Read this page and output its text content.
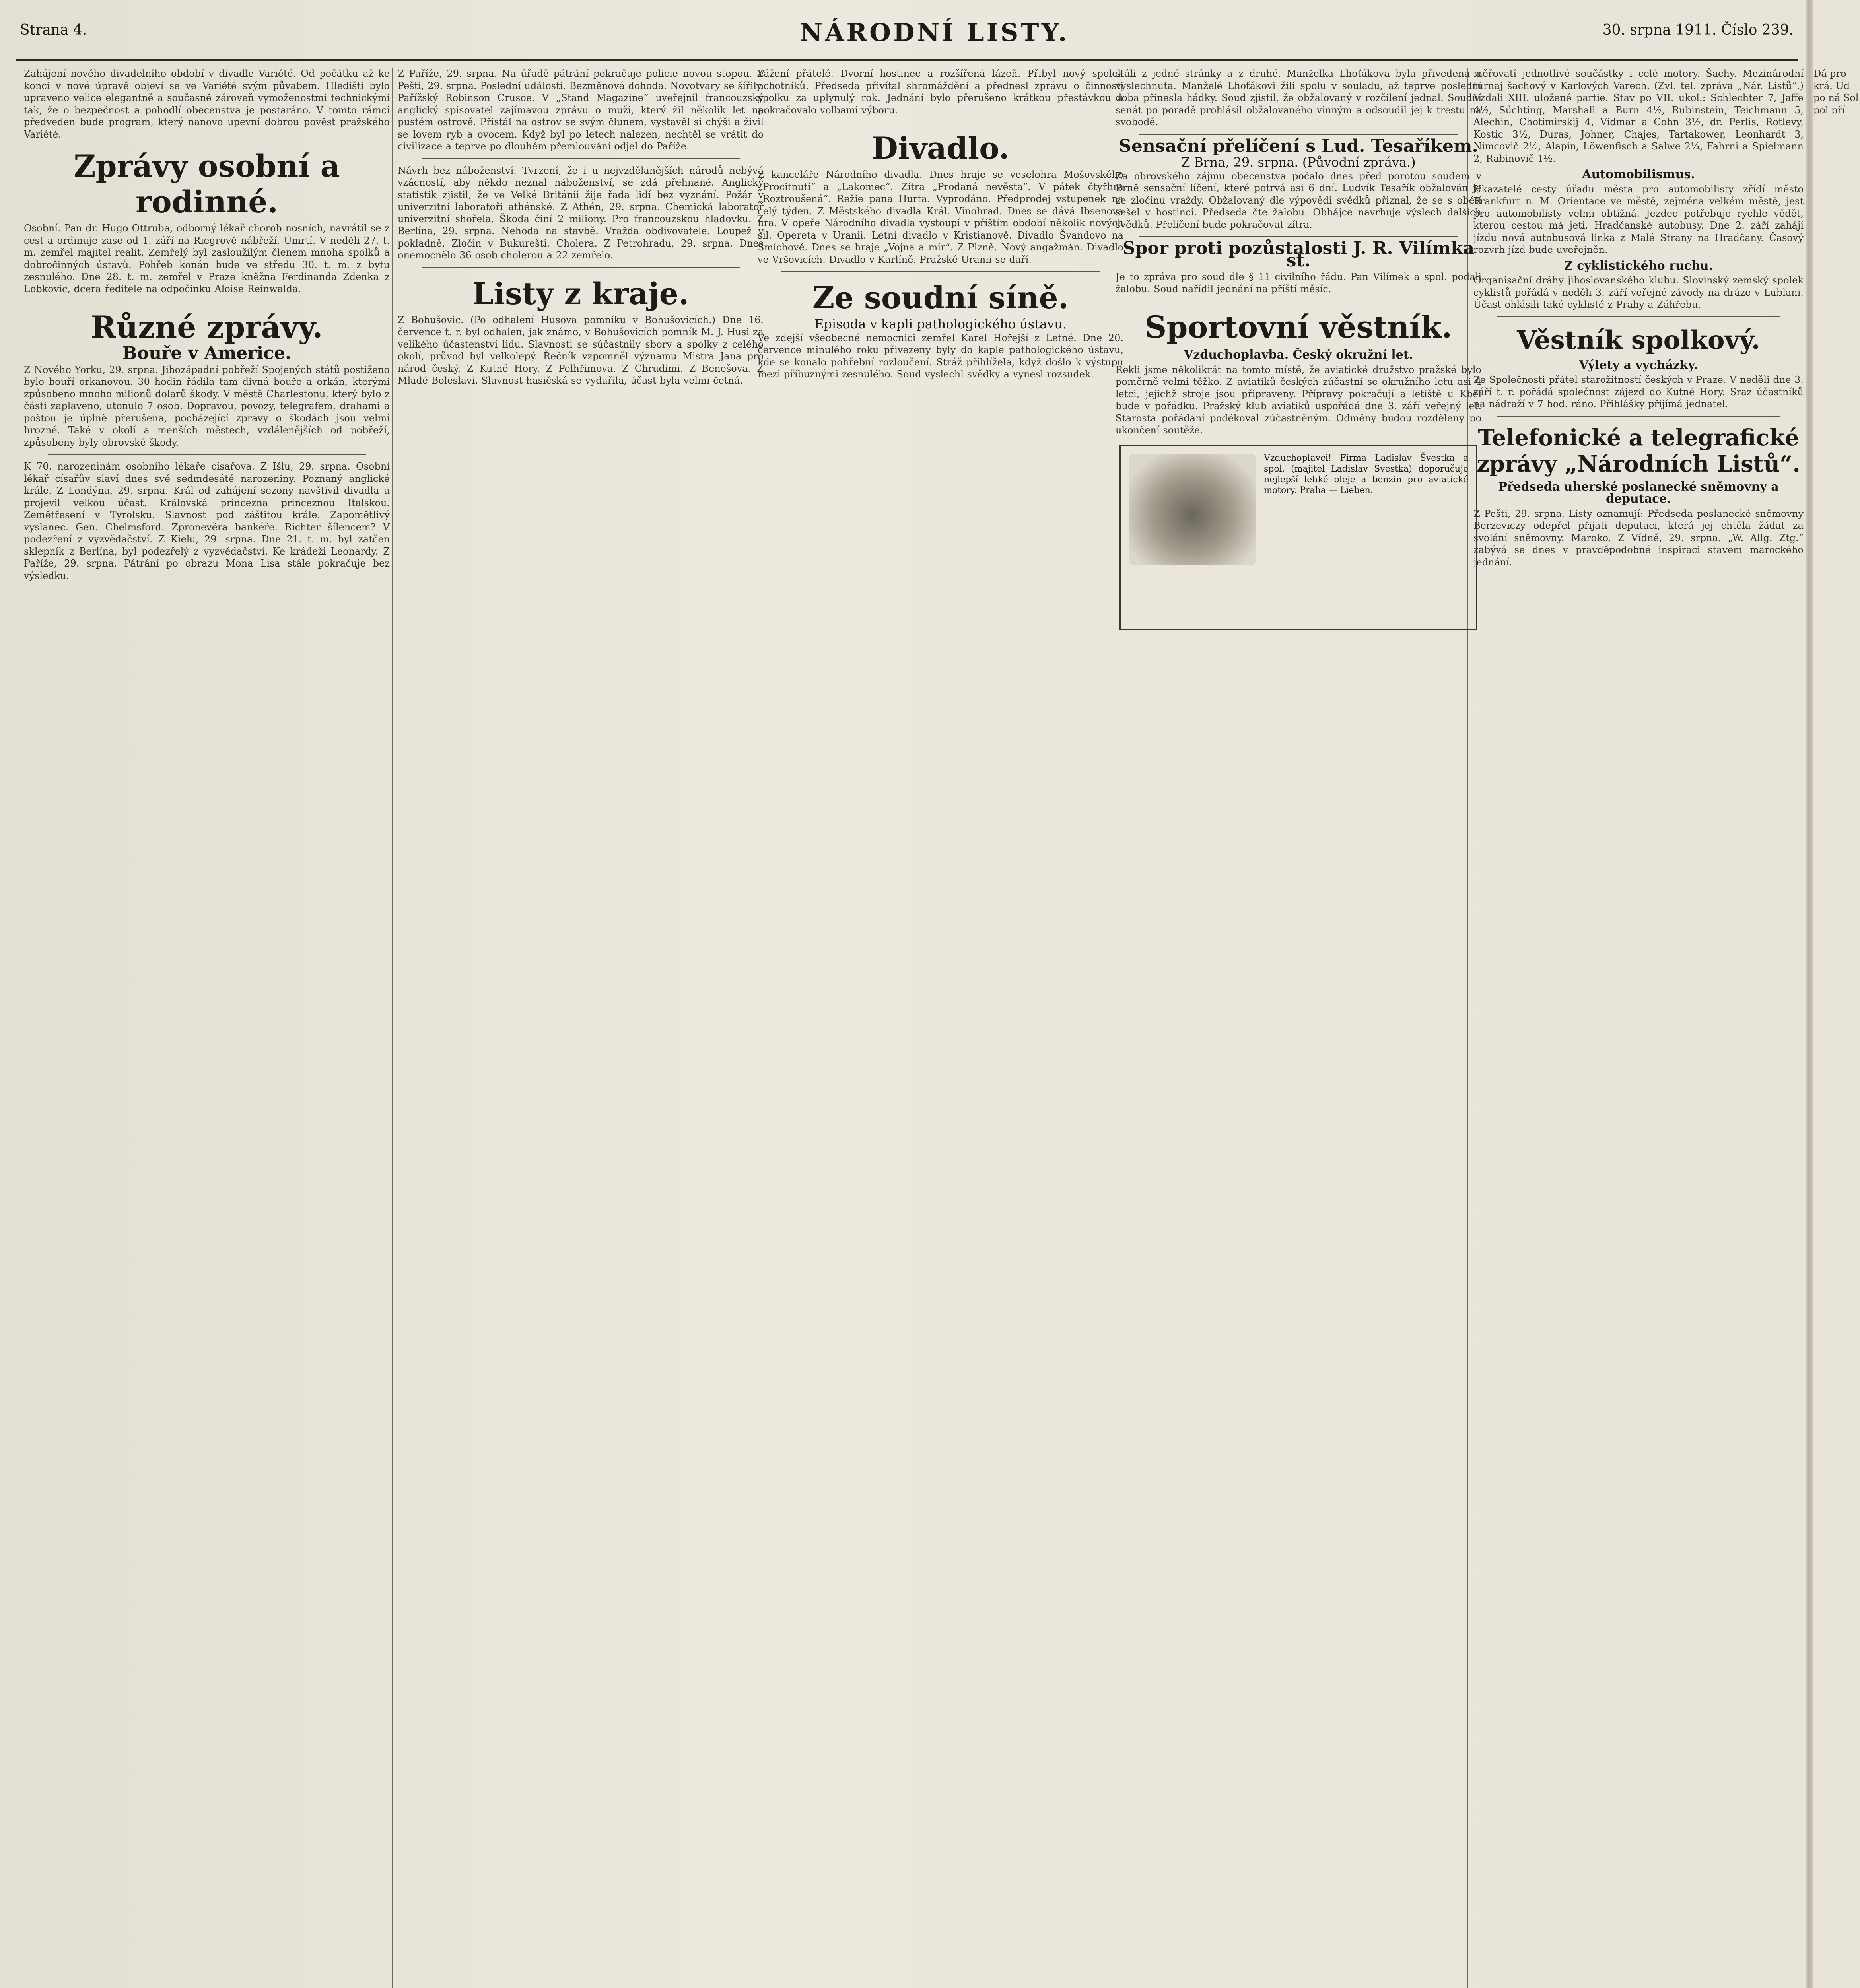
Strana 4.	NÁRODNÍ LISTY.	30. srpna 1911. Číslo 239.
Zahájení nového divadelního období v divadle Variété. Od počátku až ke konci v nové úpravě objeví se ve Variété svým půvabem. Hledišti bylo upraveno velice elegantně a současně zároveň vymoženostmi technickými tak, že o bezpečnost a pohodlí obecenstva je postaráno. V tomto rámci předveden bude program, který nanovo upevní dobrou pověst pražského Variété.
Zprávy osobní a rodinné.
Osobní. Pan dr. Hugo Ottruba, odborný lékař chorob nosních, navrátil se z cest a ordinuje zase od 1. září na Riegrově nábřeží. Úmrtí. V neděli 27. t. m. zemřel majitel realit. Zemřelý byl zasloužilým členem mnoha spolků a dobročinných ústavů. Pohřeb konán bude ve středu 30. t. m. z bytu zesnulého. Dne 28. t. m. zemřel v Praze kněžna Ferdinanda Zdenka z Lobkovic, dcera ředitele na odpočinku Aloise Reinwalda.
Různé zprávy.
Bouře v Americe.
Z Nového Yorku, 29. srpna. Jihozápadní pobřeží Spojených států postiženo bylo bouří orkanovou. 30 hodin řádila tam divná bouře a orkán, kterými způsobeno mnoho milionů dolarů škody. V městě Charlestonu, který bylo z části zaplaveno, utonulo 7 osob. Dopravou, povozy, telegrafem, drahami a poštou je úplně přerušena, pocházející zprávy o škodách jsou velmi hrozné. Také v okolí a menších městech, vzdálenějších od pobřeží, způsobeny byly obrovské škody.
K 70. narozeninám osobního lékaře císařova. Z Išlu, 29. srpna. Osobní lékař císařův slaví dnes své sedmdesáté narozeniny. Poznaný anglické krále. Z Londýna, 29. srpna. Král od zahájení sezony navštívil divadla a projevil velkou účast. Královská princezna princeznou Italskou. Zemětřesení v Tyrolsku. Slavnost pod záštitou krále. Zapomětlivý vyslanec. Gen. Chelmsford. Zpronevěra bankéře. Richter šílencem? V podezření z vyzvědačství. Z Kielu, 29. srpna. Dne 21. t. m. byl zatčen sklepník z Berlína, byl podezřelý z vyzvědačství. Ke krádeži Leonardy. Z Paříže, 29. srpna. Pátrání po obrazu Mona Lisa stále pokračuje bez výsledku.
Z Paříže, 29. srpna. Na úřadě pátrání pokračuje policie novou stopou. Z Pešti, 29. srpna. Poslední události. Bezměnová dohoda. Novotvary se šířily. Pařížský Robinson Crusoe. V „Stand Magazine“ uveřejnil francouzský anglický spisovatel zajímavou zprávu o muži, který žil několik let na pustém ostrově. Přistál na ostrov se svým člunem, vystavěl si chýši a živil se lovem ryb a ovocem. Když byl po letech nalezen, nechtěl se vrátit do civilizace a teprve po dlouhém přemlouvání odjel do Paříže.
Návrh bez náboženství. Tvrzení, že i u nejvzdělanějších národů nebývá vzácností, aby někdo neznal náboženství, se zdá přehnané. Anglický statistik zjistil, že ve Velké Británii žije řada lidí bez vyznání. Požár v univerzitní laboratoři athénské. Z Athén, 29. srpna. Chemická laboratoř univerzitní shořela. Škoda činí 2 miliony. Pro francouzskou hladovku. Z Berlína, 29. srpna. Nehoda na stavbě. Vražda obdivovatele. Loupež v pokladně. Zločin v Bukurešti. Cholera. Z Petrohradu, 29. srpna. Dnes onemocnělo 36 osob cholerou a 22 zemřelo.
Listy z kraje.
Z Bohušovic. (Po odhalení Husova pomníku v Bohušovicích.) Dne 16. července t. r. byl odhalen, jak známo, v Bohušovicích pomník M. J. Husi za velikého účastenství lidu. Slavnosti se súčastnily sbory a spolky z celého okolí, průvod byl velkolepý. Řečník vzpomněl významu Mistra Jana pro národ český. Z Kutné Hory. Z Pelhřimova. Z Chrudimi. Z Benešova. Z Mladé Boleslavi. Slavnost hasičská se vydařila, účast byla velmi četná.
Vážení přátelé. Dvorní hostinec a rozšířená lázeň. Přibyl nový spolek ochotníků. Předseda přivítal shromáždění a přednesl zprávu o činnosti spolku za uplynulý rok. Jednání bylo přerušeno krátkou přestávkou a pokračovalo volbami výboru.
Divadlo.
Z kanceláře Národního divadla. Dnes hraje se veselohra Mošovského „Procitnutí“ a „Lakomec“. Zítra „Prodaná nevěsta“. V pátek čtyřhra „Roztroušená“. Režie pana Hurta. Vyprodáno. Předprodej vstupenek na celý týden. Z Městského divadla Král. Vinohrad. Dnes se dává Ibsenova hra. V opeře Národního divadla vystoupí v příštím období několik nových sil. Opereta v Uranii. Letní divadlo v Kristianově. Divadlo Švandovo na Smíchově. Dnes se hraje „Vojna a mír“. Z Plzně. Nový angažmán. Divadlo ve Vršovicích. Divadlo v Karlíně. Pražské Uranii se daří.
Ze soudní síně.
Episoda v kapli pathologického ústavu.
Ve zdejší všeobecné nemocnici zemřel Karel Hořejší z Letné. Dne 20. července minulého roku přivezeny byly do kaple pathologického ústavu, kde se konalo pohřební rozloučení. Stráž přihlížela, když došlo k výstupu mezi příbuznými zesnulého. Soud vyslechl svědky a vynesl rozsudek.
stáli z jedné stránky a z druhé. Manželka Lhoťákova byla přivedena a vyslechnuta. Manželé Lhoťákovi žili spolu v souladu, až teprve poslední doba přinesla hádky. Soud zjistil, že obžalovaný v rozčilení jednal. Soudní senát po poradě prohlásil obžalovaného vinným a odsoudil jej k trestu na svobodě.
Sensační přelíčení s Lud. Tesaříkem.
Z Brna, 29. srpna. (Původní zpráva.)
Za obrovského zájmu obecenstva počalo dnes před porotou soudem v Brně sensační líčení, které potrvá asi 6 dní. Ludvík Tesařík obžalován je ze zločinu vraždy. Obžalovaný dle výpovědi svědků přiznal, že se s obětí sešel v hostinci. Předseda čte žalobu. Obhájce navrhuje výslech dalších svědků. Přelíčení bude pokračovat zítra.
Spor proti pozůstalosti J. R. Vilímka st.
Je to zpráva pro soud dle § 11 civilního řádu. Pan Vilímek a spol. podali žalobu. Soud nařídil jednání na příští měsíc.
Sportovní věstník.
Vzduchoplavba. Český okružní let.
Rekli jsme několikrát na tomto místě, že aviatické družstvo pražské bylo poměrně velmi těžko. Z aviatiků českých zúčastní se okružního letu asi 4 letci, jejichž stroje jsou připraveny. Přípravy pokračují a letiště u Kbel bude v pořádku. Pražský klub aviatiků uspořádá dne 3. září veřejný let. Starosta pořádání poděkoval zúčastněným. Odměny budou rozděleny po ukončení soutěže.
Vzduchoplavci! Firma Ladislav Švestka a spol. (majitel Ladislav Švestka) doporučuje nejlepší lehké oleje a benzin pro aviatické motory. Praha — Lieben.
měřovatí jednotlivé součástky i celé motory. Šachy. Mezinárodní turnaj šachový v Karlových Varech. (Zvl. tel. zpráva „Nár. Listů“.) Vzdali XIII. uložené partie. Stav po VII. ukol.: Schlechter 7, Jaffe 4½, Sűchting, Marshall a Burn 4½, Rubinstein, Teichmann 5, Alechin, Chotimirskij 4, Vidmar a Cohn 3½, dr. Perlis, Rotlevy, Kostic 3½, Duras, Johner, Chajes, Tartakower, Leonhardt 3, Nimcovič 2½, Alapin, Löwenfisch a Salwe 2¼, Fahrni a Spielmann 2, Rabinovič 1½.
Automobilismus.
Ukazatelé cesty úřadu města pro automobilisty zřídí město Frankfurt n. M. Orientace ve městě, zejména velkém městě, jest pro automobilisty velmi obtížná. Jezdec potřebuje rychle vědět, kterou cestou má jeti. Hradčanské autobusy. Dne 2. září zahájí jízdu nová autobusová linka z Malé Strany na Hradčany. Časový rozvrh jízd bude uveřejněn.
Z cyklistického ruchu.
Organisační dráhy jihoslovanského klubu. Slovinský zemský spolek cyklistů pořádá v neděli 3. září veřejné závody na dráze v Lublani. Účast ohlásili také cyklisté z Prahy a Záhřebu.
Věstník spolkový.
Výlety a vycházky.
Ze Společnosti přátel starožitností českých v Praze. V neděli dne 3. září t. r. pořádá společnost zájezd do Kutné Hory. Sraz účastníků na nádraží v 7 hod. ráno. Přihlášky přijímá jednatel.
Telefonické a telegrafické zprávy „Národních Listů“.
Předseda uherské poslanecké sněmovny a deputace.
Z Pešti, 29. srpna. Listy oznamují: Předseda poslanecké sněmovny Berzeviczy odepřel přijati deputaci, která jej chtěla žádat za svolání sněmovny. Maroko. Z Vídně, 29. srpna. „W. Allg. Ztg.“ zabývá se dnes v pravděpodobné inspiraci stavem marockého jednání.
Dá pro krá. Ud po ná Sol pol pří
